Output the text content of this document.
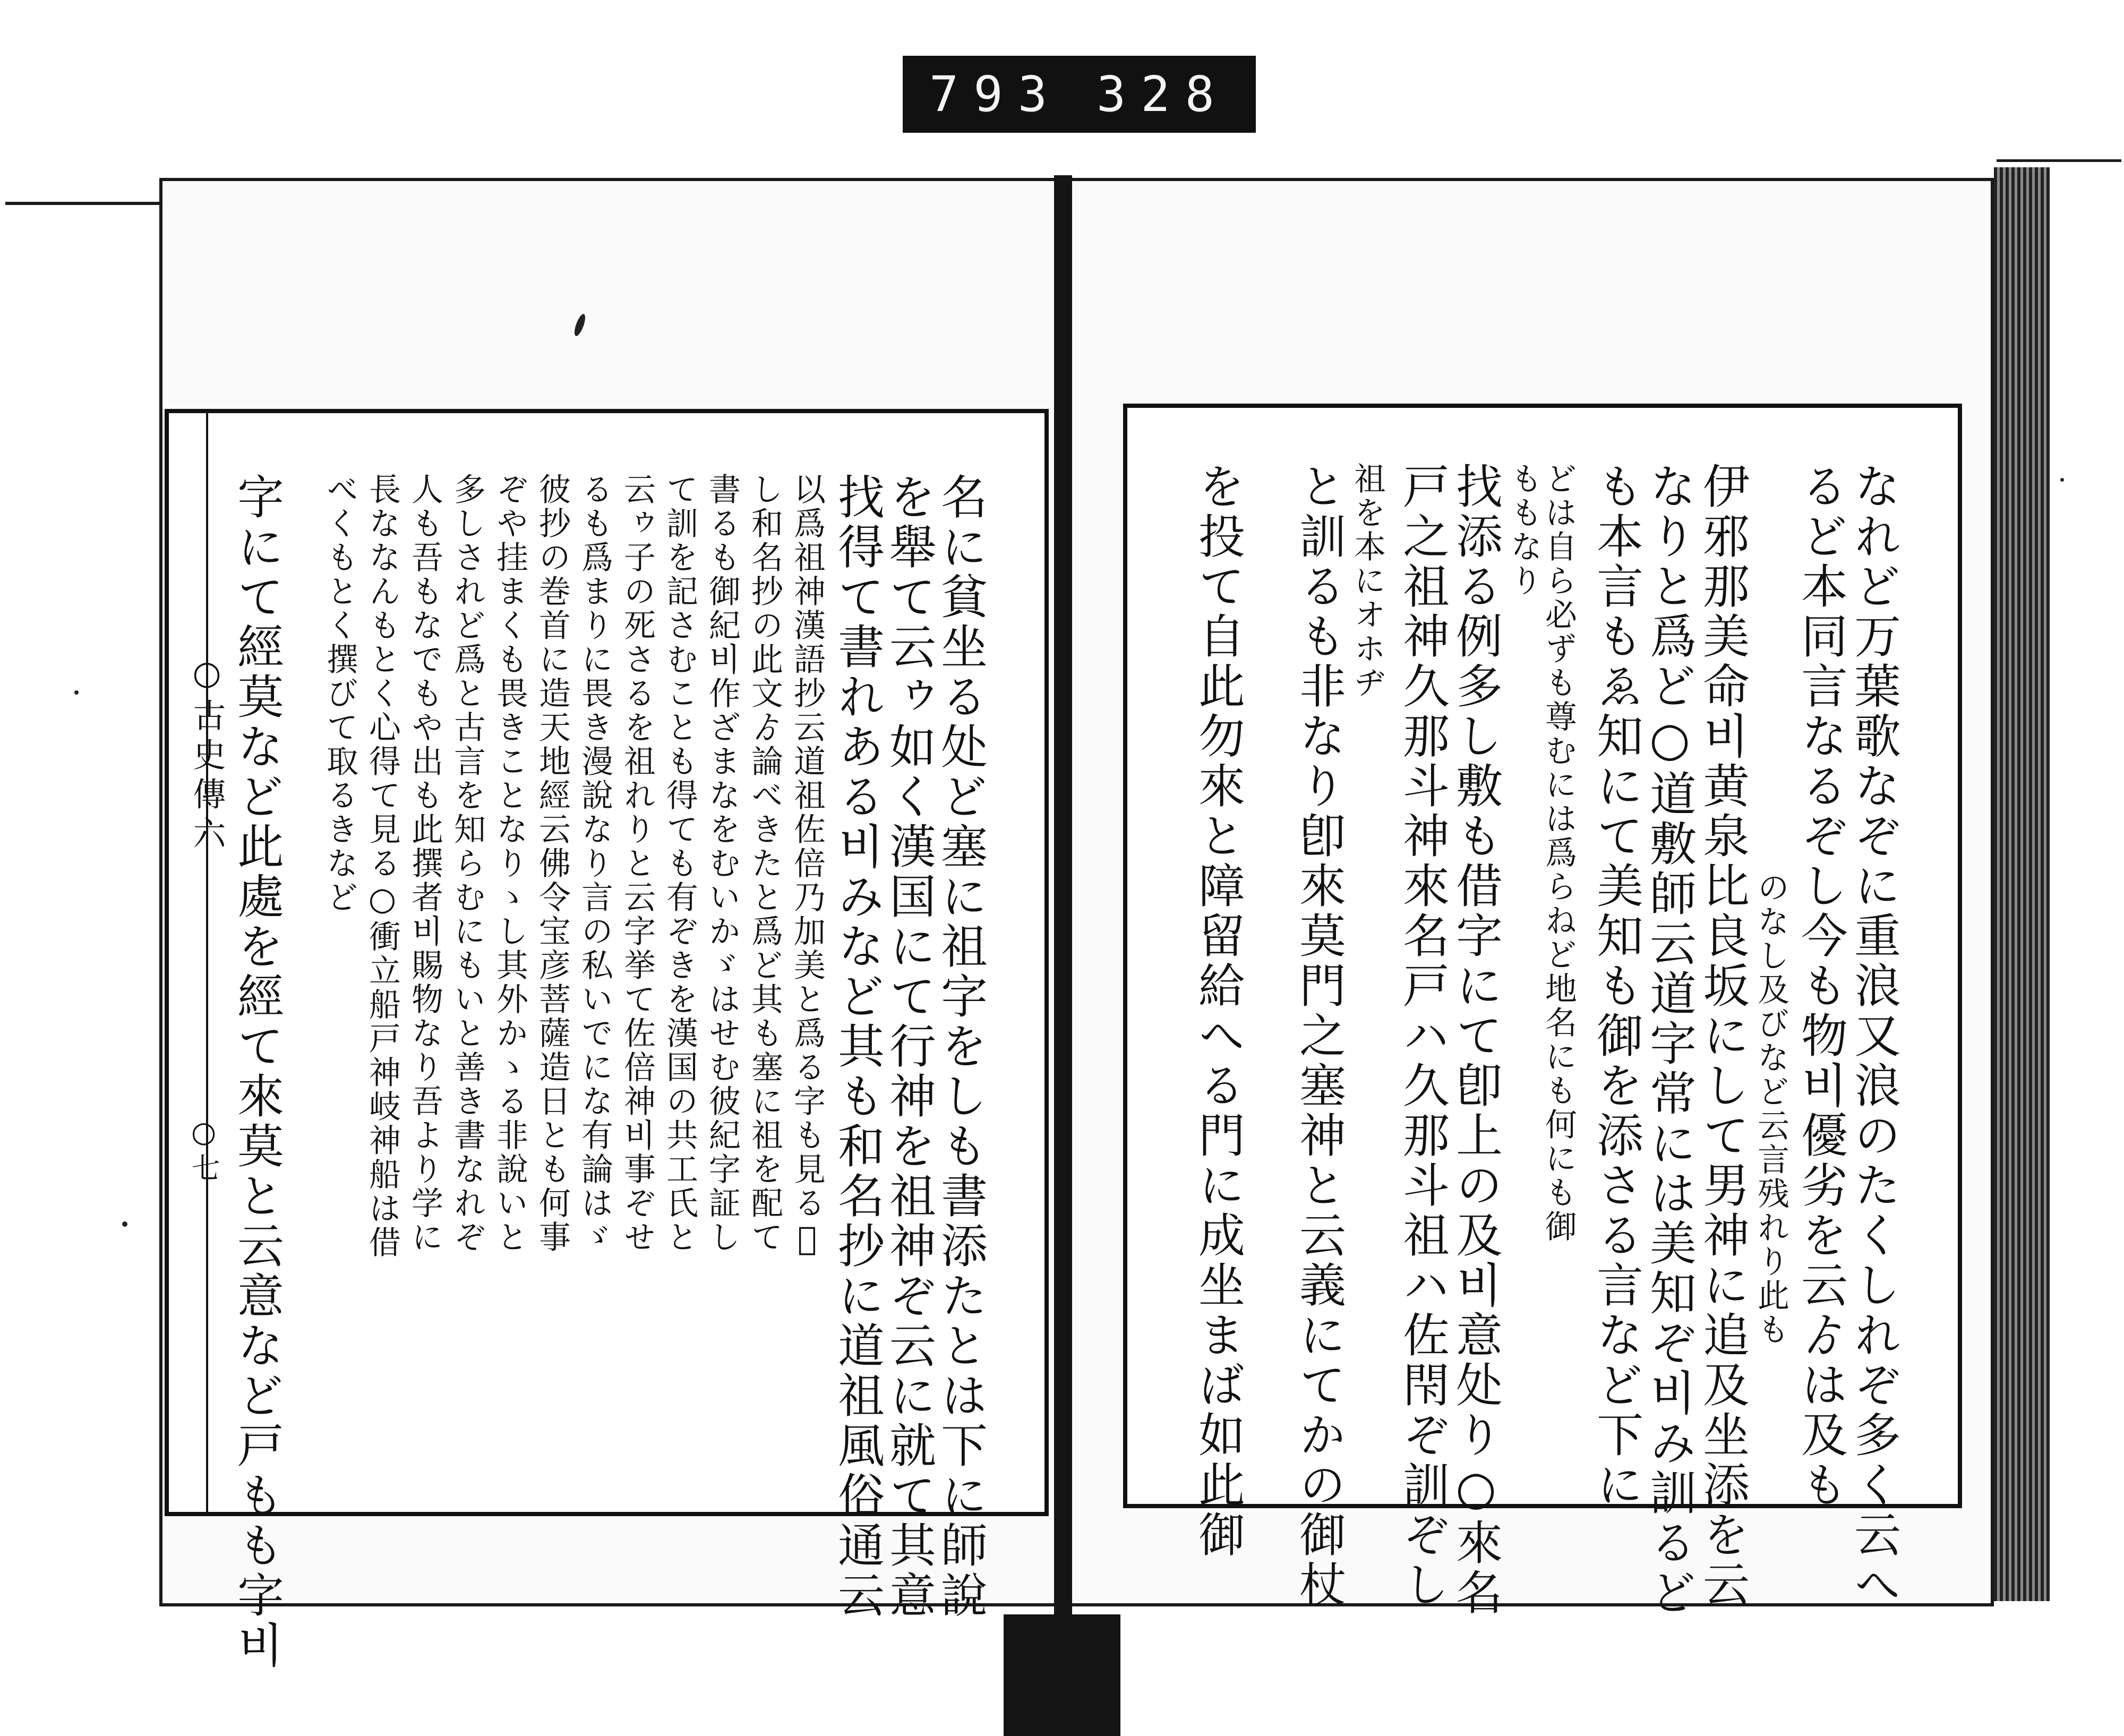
793 328
○古史傳六
○七	名に貧坐る处ど塞に祖字をしも書添たとは下に師說
を舉て云ゥ如く漢国にて行神を祖神ぞ云に就て其意
找得て書れある비みなど其も和名抄に道祖風俗通云
以爲祖神漢語抄云道祖佐倍乃加美と爲る字も見る𪜈
し和名抄の此文ゟ論べきたと爲ど其も塞に祖を配て
書るも御紀비作ざまなをむいかゞはせむ彼紀字証し
て訓を記さむことも得ても有ぞきを漢国の共工氏と
云ゥ子の死さるを祖れりと云字挙て佐倍神비事ぞせ
るも爲まりに畏き漫說なり言の私いでにな有論はゞ
彼抄の巻首に造天地經云佛令宝彦菩薩造日とも何事
ぞや挂まくも畏きことなりゝし其外かゝる非說いと
多しされど爲と古言を知らむにもいと善き書なれぞ
人も吾もなでもや出も此撰者비賜物なり吾より学に
長ななんもとく心得て見る○衝立船戸神岐神船は借
べくもとく撰びて取るきなど
字にて經莫など此處を經て來莫と云意など戸もも字비	なれど万葉歌なぞに重浪又浪のたくしれぞ多く云へ
るど本同言なるぞし今も物비優劣を云ゟは及も
のなし及びなど云言残れり此も
伊邪那美命비黄泉比良坂にして男神に追及坐添を云
なりと爲ど○道敷師云道字常には美知ぞ비み訓るど
も本言もゑ知にて美知も御を添さる言など下に
どは自ら必ずも尊むには爲らねど地名にも何にも御
ももなり
找添る例多し敷も借字にて卽上の及비意处り○來名
戸之祖神久那斗神來名戸ハ久那斗祖ハ佐閇ぞ訓ぞし
祖を本にオホヂ
と訓るも非なり卽來莫門之塞神と云義にてかの御杖
を投て自此勿來と障留給へる門に成坐まば如此御
